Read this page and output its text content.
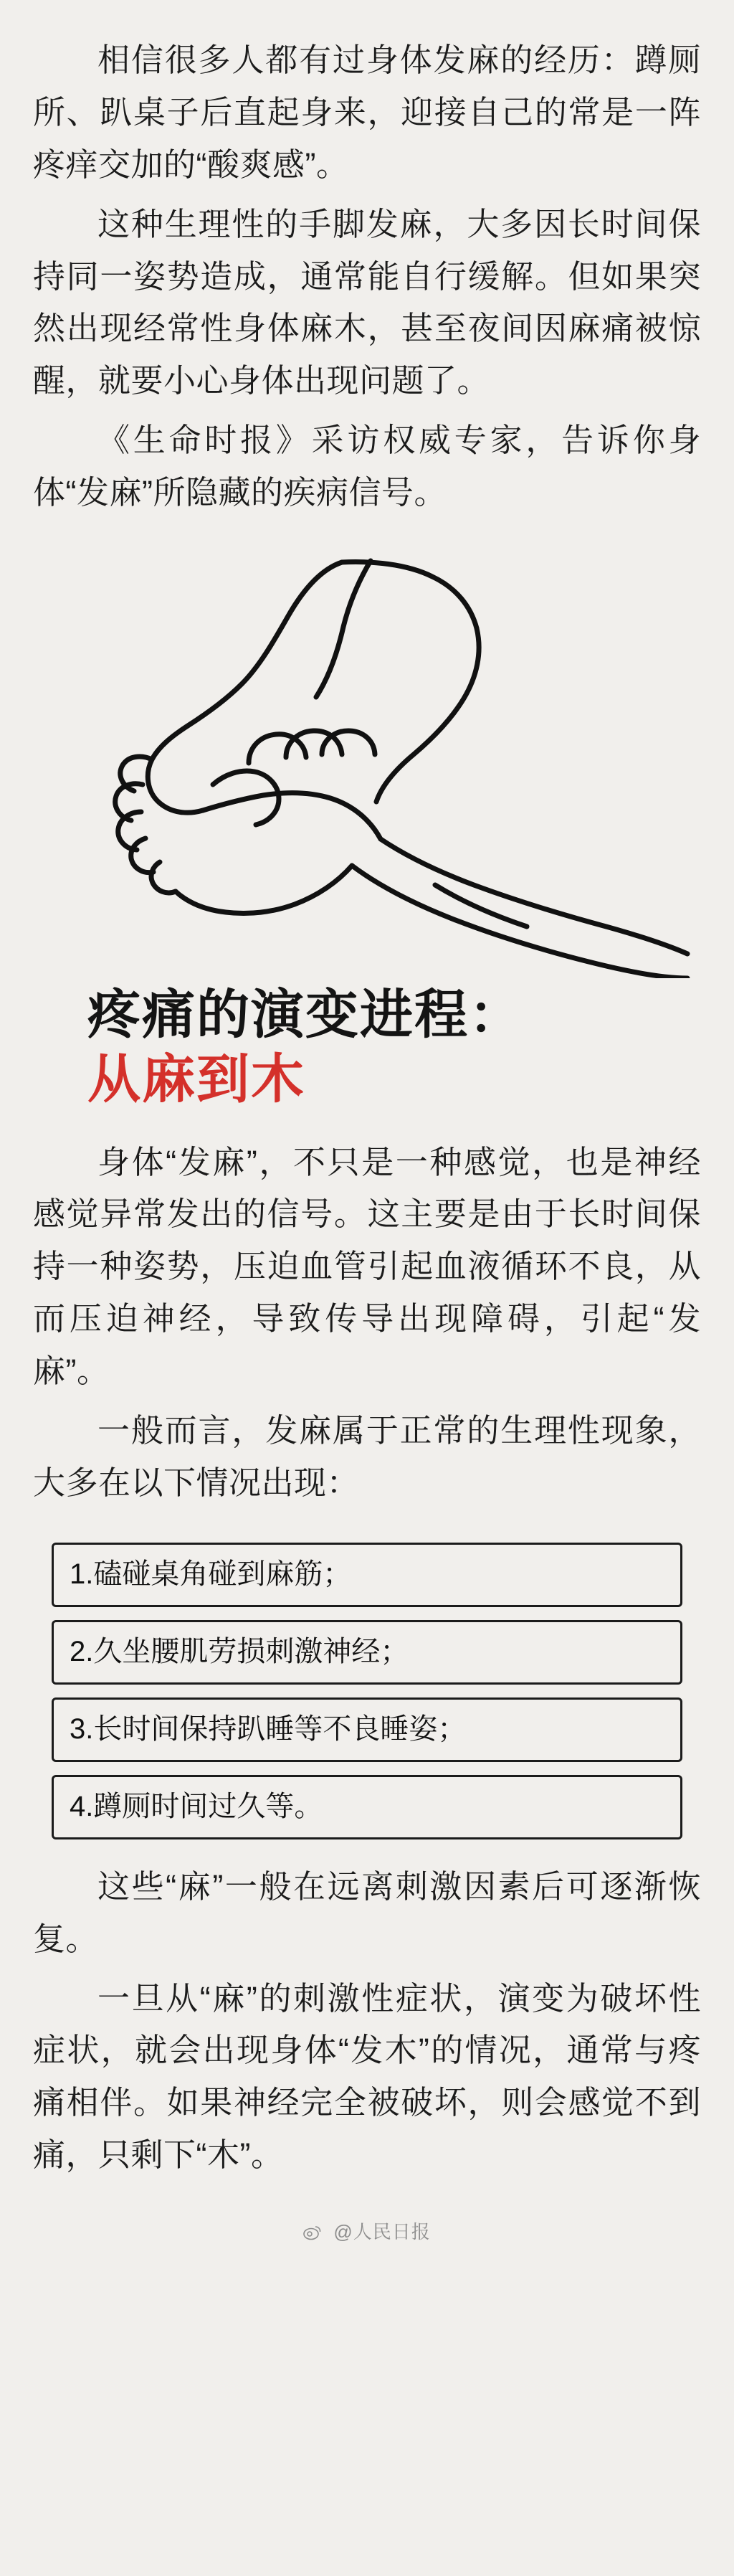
相信很多人都有过身体发麻的经历：蹲厕所、趴桌子后直起身来，迎接自己的常是一阵疼痒交加的“酸爽感”。

这种生理性的手脚发麻，大多因长时间保持同一姿势造成，通常能自行缓解。但如果突然出现经常性身体麻木，甚至夜间因麻痛被惊醒，就要小心身体出现问题了。

《生命时报》采访权威专家，告诉你身体“发麻”所隐藏的疾病信号。

疼痛的演变进程：
从麻到木

身体“发麻”，不只是一种感觉，也是神经感觉异常发出的信号。这主要是由于长时间保持一种姿势，压迫血管引起血液循环不良，从而压迫神经，导致传导出现障碍，引起“发麻”。

一般而言，发麻属于正常的生理性现象，大多在以下情况出现：

1.磕碰桌角碰到麻筋；
2.久坐腰肌劳损刺激神经；
3.长时间保持趴睡等不良睡姿；
4.蹲厕时间过久等。

这些“麻”一般在远离刺激因素后可逐渐恢复。

一旦从“麻”的刺激性症状，演变为破坏性症状，就会出现身体“发木”的情况，通常与疼痛相伴。如果神经完全被破坏，则会感觉不到痛，只剩下“木”。

@人民日报
